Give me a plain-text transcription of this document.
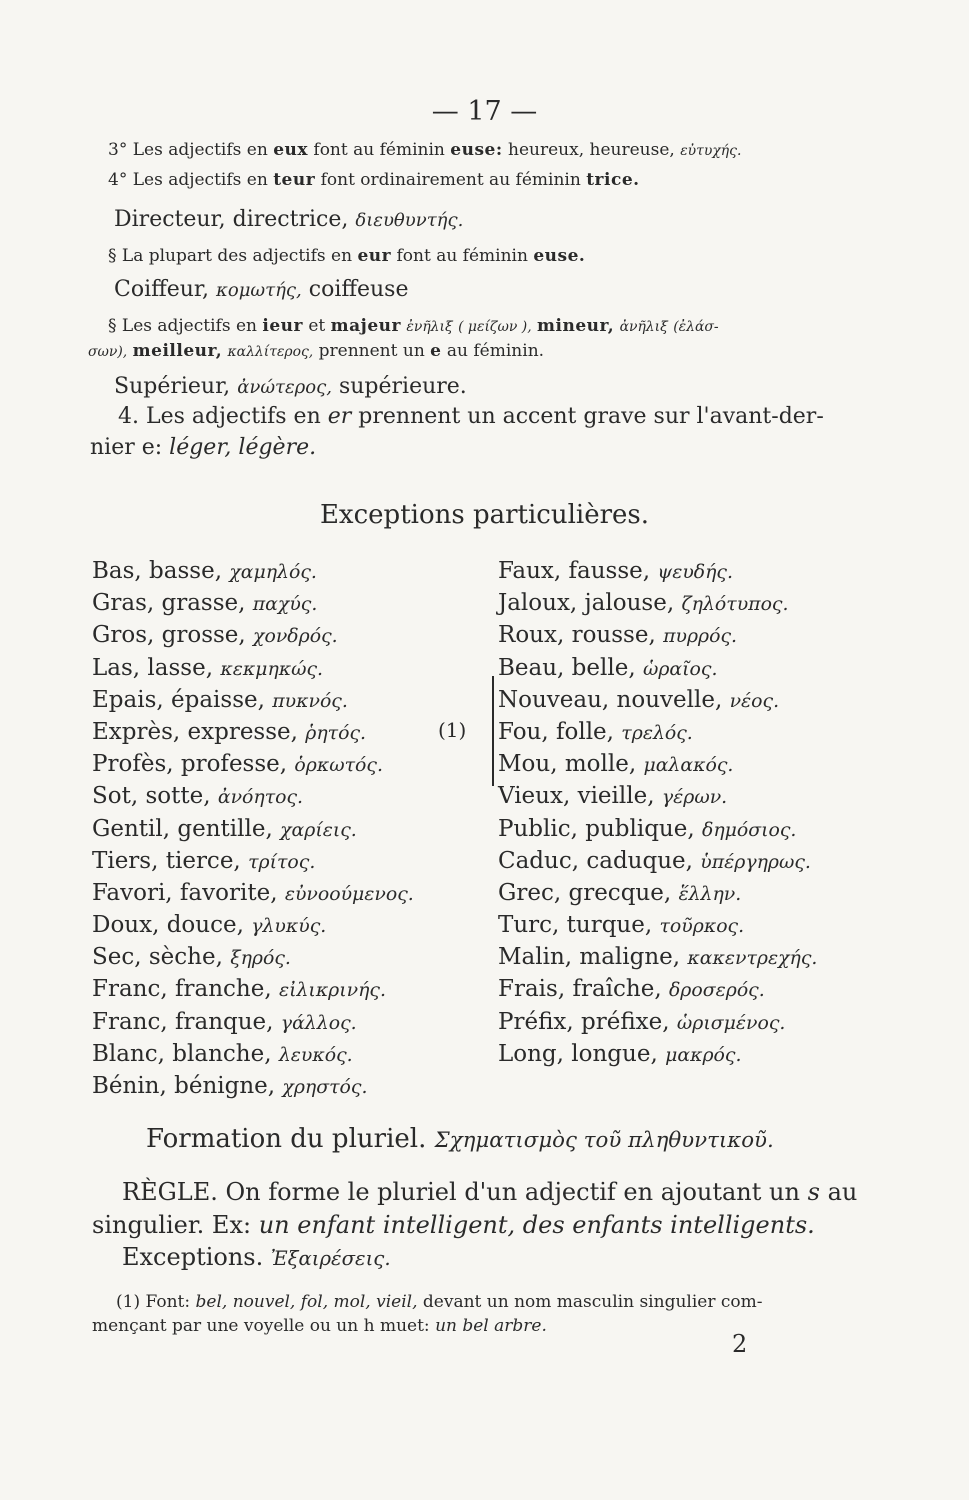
— 17 —
3° Les adjectifs en eux font au féminin euse: heureux, heureuse, εὐτυχής.
4° Les adjectifs en teur font ordinairement au féminin trice.
Directeur, directrice, διευθυντής.
§ La plupart des adjectifs en eur font au féminin euse.
Coiffeur, κομωτής, coiffeuse
§ Les adjectifs en ieur et majeur ἐνῆλιξ ( μείζων ), mineur, ἀνῆλιξ (ἐλάσ-
σων), meilleur, καλλίτερος, prennent un e au féminin.
Supérieur, ἀνώτερος, supérieure.
4. Les adjectifs en er prennent un accent grave sur l'avant-der-
nier e: léger, légère.
Exceptions particulières.
Bas, basse, χαμηλός.
Gras, grasse, παχύς.
Gros, grosse, χονδρός.
Las, lasse, κεκμηκώς.
Epais, épaisse, πυκνός.
Exprès, expresse, ῥητός.
Profès, professe, ὁρκωτός.
Sot, sotte, ἀνόητος.
Gentil, gentille, χαρίεις.
Tiers, tierce, τρίτος.
Favori, favorite, εὐνοούμενος.
Doux, douce, γλυκύς.
Sec, sèche, ξηρός.
Franc, franche, εἰλικρινής.
Franc, franque, γάλλος.
Blanc, blanche, λευκός.
Bénin, bénigne, χρηστός.
Faux, fausse, ψευδής.
Jaloux, jalouse, ζηλότυπος.
Roux, rousse, πυρρός.
Beau, belle, ὡραῖος.
Nouveau, nouvelle, νέος.
Fou, folle, τρελός.
Mou, molle, μαλακός.
Vieux, vieille, γέρων.
Public, publique, δημόσιος.
Caduc, caduque, ὑπέργηρως.
Grec, grecque, ἕλλην.
Turc, turque, τοῦρκος.
Malin, maligne, κακεντρεχής.
Frais, fraîche, δροσερός.
Préfix, préfixe, ὡρισμένος.
Long, longue, μακρός.
(1)
Formation du pluriel. Σχηματισμὸς τοῦ πληθυντικοῦ.
RÈGLE. On forme le pluriel d'un adjectif en ajoutant un s au
singulier. Ex: un enfant intelligent, des enfants intelligents.
Exceptions. Ἐξαιρέσεις.
(1) Font: bel, nouvel, fol, mol, vieil, devant un nom masculin singulier com-
mençant par une voyelle ou un h muet: un bel arbre.
2
